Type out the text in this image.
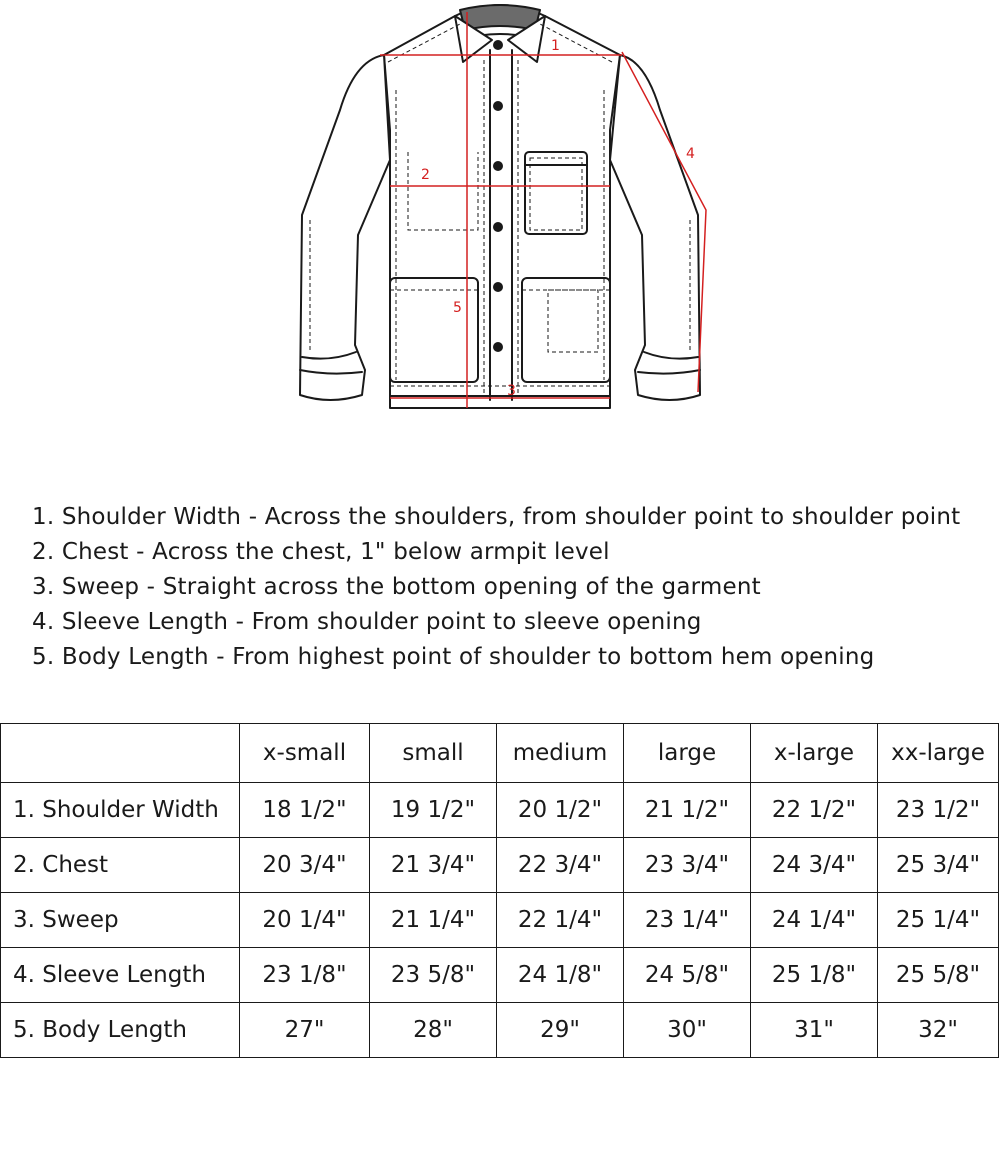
1
2
3
4
5
1. Shoulder Width - Across the shoulders, from shoulder point to shoulder point
2. Chest - Across the chest, 1" below armpit level
3. Sweep - Straight across the bottom opening of the garment
4. Sleeve Length - From shoulder point to sleeve opening
5. Body Length - From highest point of shoulder to bottom hem opening
	x-small	small	medium	large	x-large	xx-large
1. Shoulder Width	18 1/2"	19 1/2"	20 1/2"	21 1/2"	22 1/2"	23 1/2"
2. Chest	20 3/4"	21 3/4"	22 3/4"	23 3/4"	24 3/4"	25 3/4"
3. Sweep	20 1/4"	21 1/4"	22 1/4"	23 1/4"	24 1/4"	25 1/4"
4. Sleeve Length	23 1/8"	23 5/8"	24 1/8"	24 5/8"	25 1/8"	25 5/8"
5. Body Length	27"	28"	29"	30"	31"	32"
